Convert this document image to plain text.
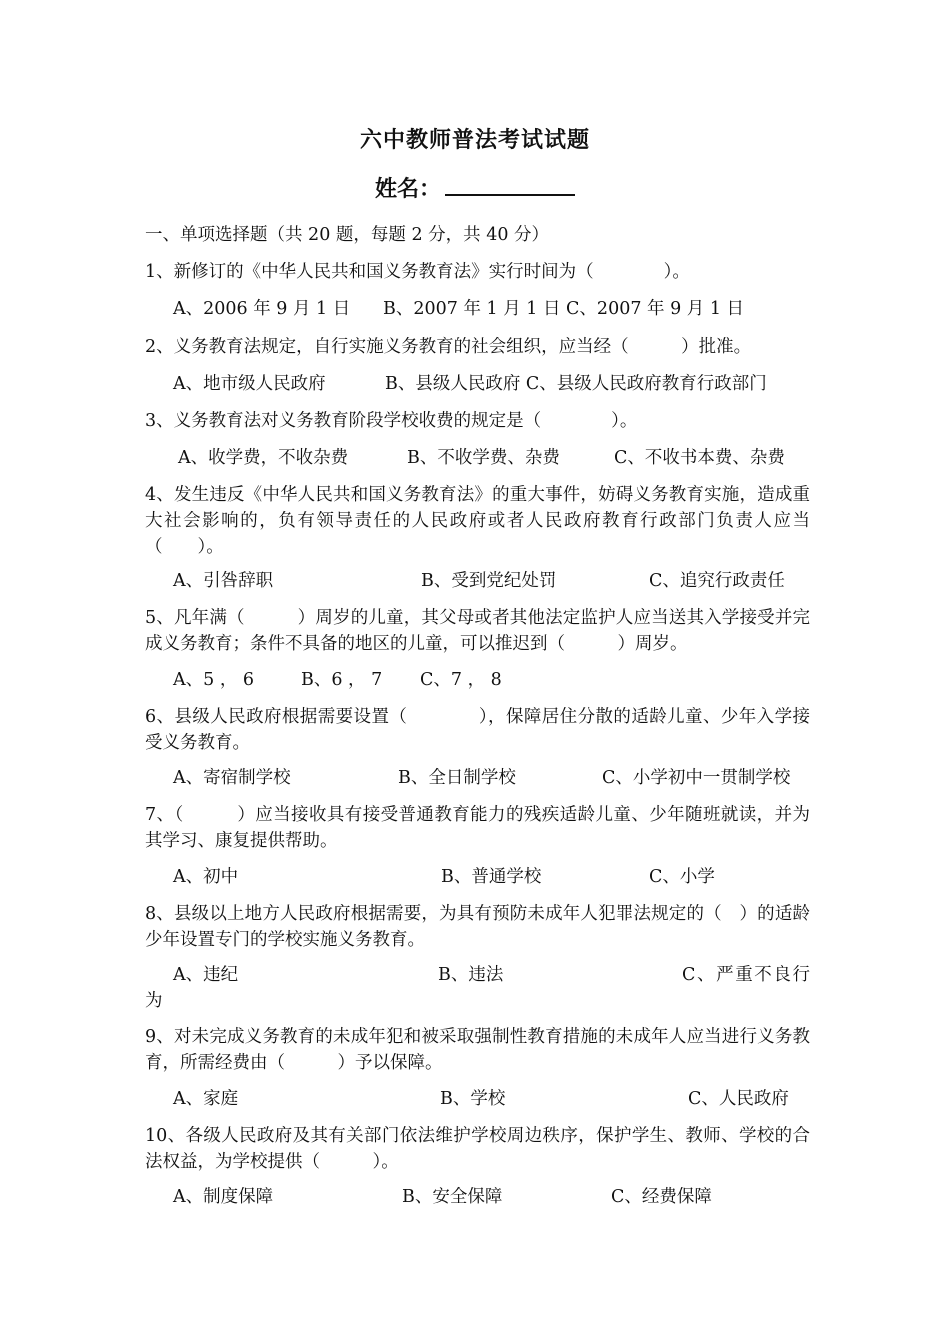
六中教师普法考试试题
姓名：
一、单项选择题（共 20 题，每题 2 分，共 40 分）
1、新修订的《中华人民共和国义务教育法》实行时间为（　　　　）。
A、2006 年 9 月 1 日 B、2007 年 1 月 1 日 C、2007 年 9 月 1 日
2、义务教育法规定，自行实施义务教育的社会组织，应当经（　　　）批准。
A、地市级人民政府	B、县级人民政府 C、县级人民政府教育行政部门
3、义务教育法对义务教育阶段学校收费的规定是（　　　　）。
A、收学费，不收杂费	B、不收学费、杂费	C、不收书本费、杂费
4、发生违反《中华人民共和国义务教育法》的重大事件，妨碍义务教育实施，造成重大社会影响的，负有领导责任的人民政府或者人民政府教育行政部门负责人应当（　　）。
A、引咎辞职	B、受到党纪处罚	C、追究行政责任
5、凡年满（　　　）周岁的儿童，其父母或者其他法定监护人应当送其入学接受并完成义务教育；条件不具备的地区的儿童，可以推迟到（　　　）周岁。
A、5 ， 6	B、6 ， 7 C、7 ， 8
6、县级人民政府根据需要设置（　　　　），保障居住分散的适龄儿童、少年入学接受义务教育。
A、寄宿制学校	B、全日制学校	C、小学初中一贯制学校
7、（　　　）应当接收具有接受普通教育能力的残疾适龄儿童、少年随班就读，并为其学习、康复提供帮助。
A、初中	B、普通学校	C、小学
8、县级以上地方人民政府根据需要，为具有预防未成年人犯罪法规定的（　）的适龄少年设置专门的学校实施义务教育。
A、违纪	B、违法	C、严重不良行为
9、对未完成义务教育的未成年犯和被采取强制性教育措施的未成年人应当进行义务教育，所需经费由（　　　）予以保障。
A、家庭	B、学校	C、人民政府
10、各级人民政府及其有关部门依法维护学校周边秩序，保护学生、教师、学校的合法权益，为学校提供（　　　）。
A、制度保障	B、安全保障	C、经费保障
